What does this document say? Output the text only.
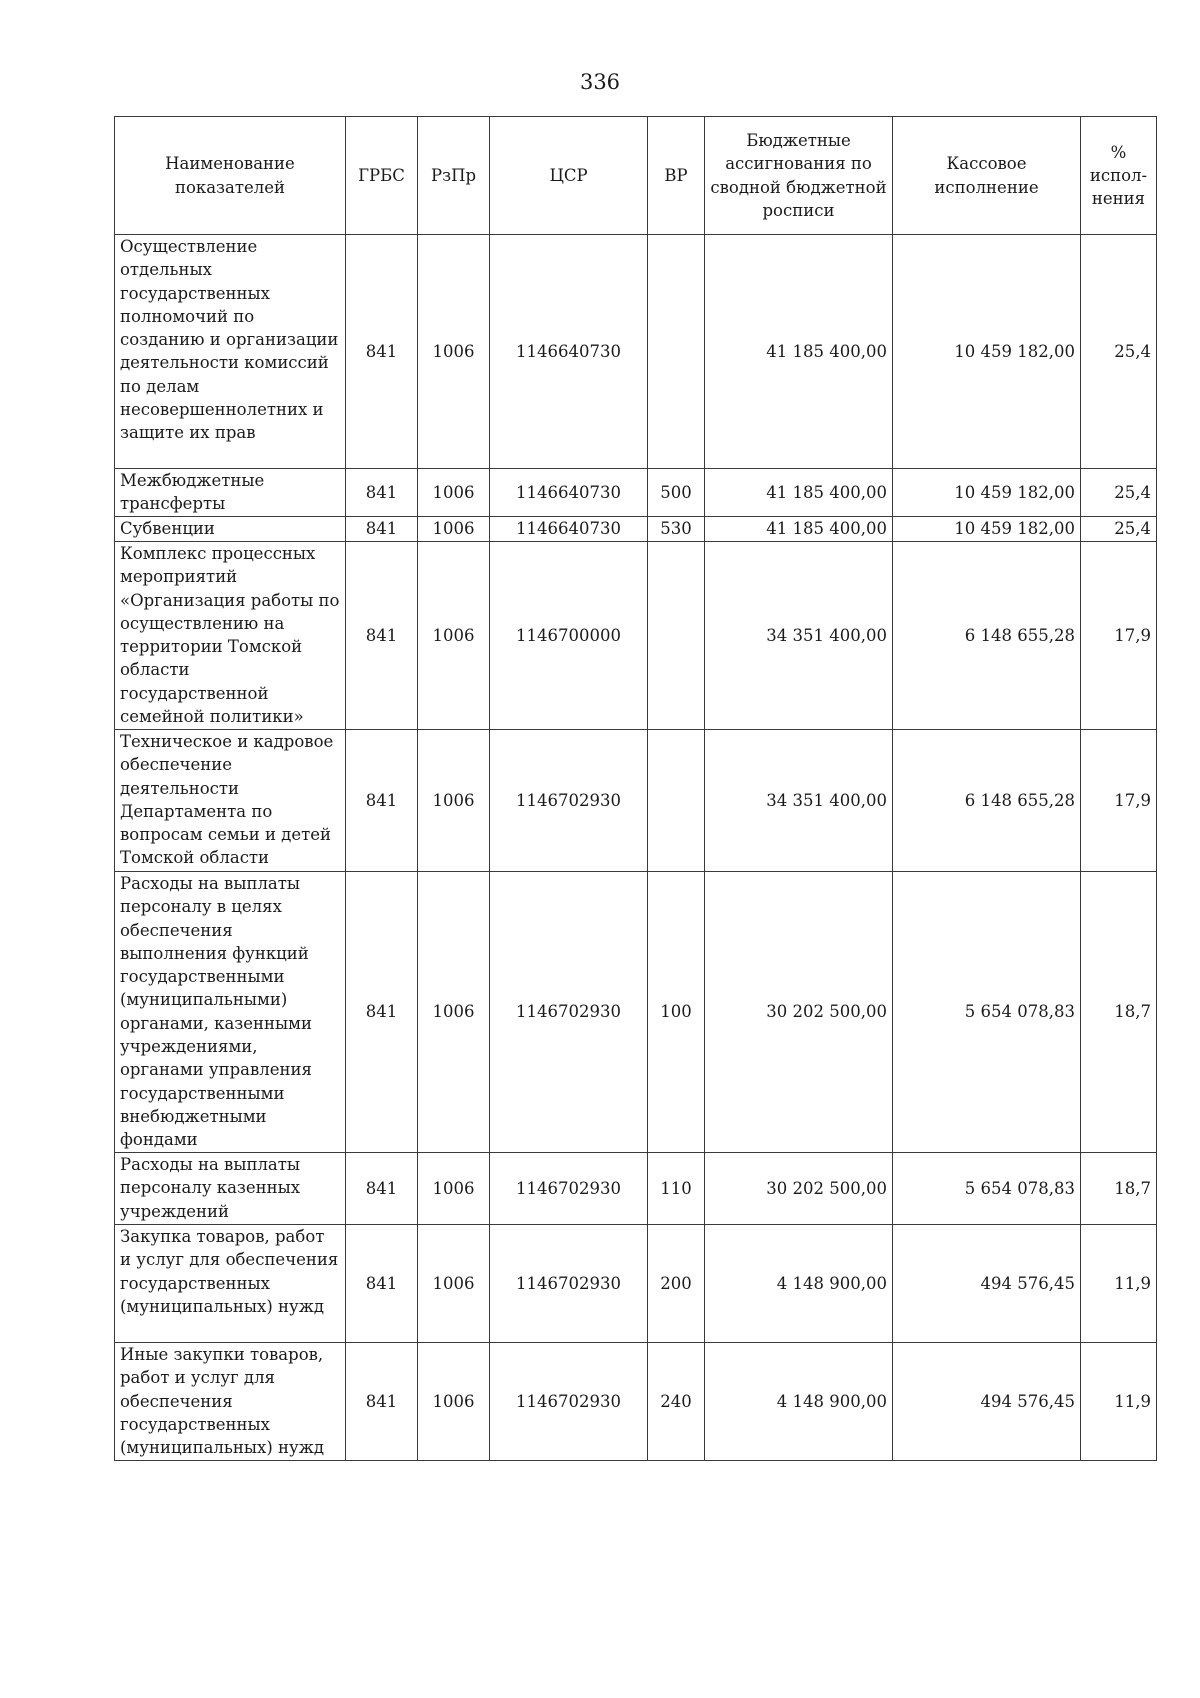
336
Наименование показателей	ГРБС	РзПр	ЦСР	ВР	Бюджетные ассигнования по сводной бюджетной росписи	Кассовое исполнение	% испол-нения
Осуществление отдельных государственных полномочий по созданию и организации деятельности комиссий по делам несовершеннолетних и защите их прав	841	1006	1146640730		41 185 400,00	10 459 182,00	25,4
Межбюджетные трансферты	841	1006	1146640730	500	41 185 400,00	10 459 182,00	25,4
Субвенции	841	1006	1146640730	530	41 185 400,00	10 459 182,00	25,4
Комплекс процессных мероприятий «Организация работы по осуществлению на территории Томской области государственной семейной политики»	841	1006	1146700000		34 351 400,00	6 148 655,28	17,9
Техническое и кадровое обеспечение деятельности Департамента по вопросам семьи и детей Томской области	841	1006	1146702930		34 351 400,00	6 148 655,28	17,9
Расходы на выплаты персоналу в целях обеспечения выполнения функций государственными (муниципальными) органами, казенными учреждениями, органами управления государственными внебюджетными фондами	841	1006	1146702930	100	30 202 500,00	5 654 078,83	18,7
Расходы на выплаты персоналу казенных учреждений	841	1006	1146702930	110	30 202 500,00	5 654 078,83	18,7
Закупка товаров, работ и услуг для обеспечения государственных (муниципальных) нужд	841	1006	1146702930	200	4 148 900,00	494 576,45	11,9
Иные закупки товаров, работ и услуг для обеспечения государственных (муниципальных) нужд	841	1006	1146702930	240	4 148 900,00	494 576,45	11,9
